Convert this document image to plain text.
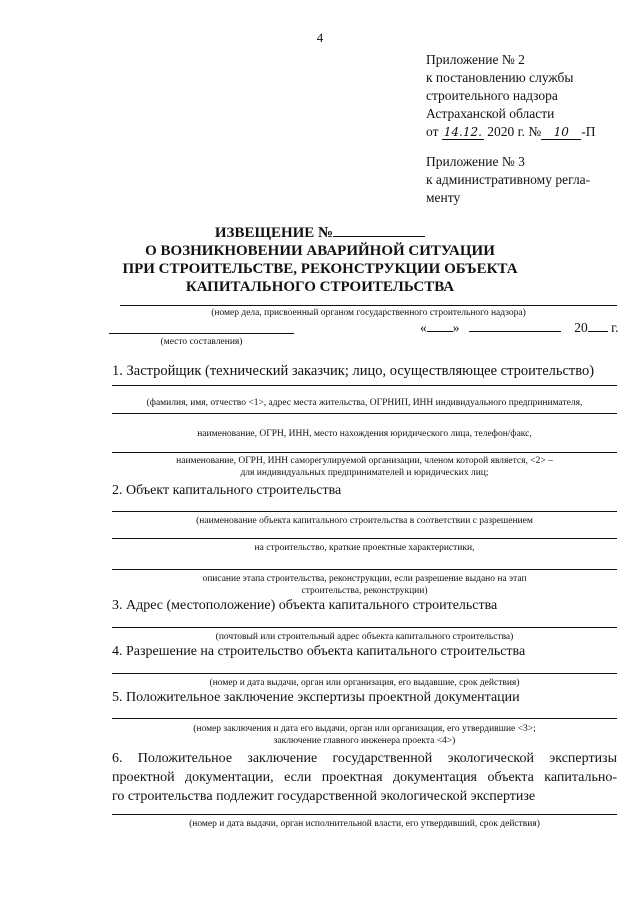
4
Приложение № 2
к постановлению службы
строительного надзора
Астраханской области
от 14.12. 2020 г. № 10 -П
Приложение № 3
к административному регла-
менту
ИЗВЕЩЕНИЕ №
О ВОЗНИКНОВЕНИИ АВАРИЙНОЙ СИТУАЦИИ
ПРИ СТРОИТЕЛЬСТВЕ, РЕКОНСТРУКЦИИ ОБЪЕКТА
КАПИТАЛЬНОГО СТРОИТЕЛЬСТВА
(номер дела, присвоенный органом государственного строительного надзора)
(место составления)
« »	20 г.
1. Застройщик (технический заказчик; лицо, осуществляющее строительство)
(фамилия, имя, отчество <1>, адрес места жительства, ОГРНИП, ИНН индивидуального предпринимателя,
наименование, ОГРН, ИНН, место нахождения юридического лица, телефон/факс,
наименование, ОГРН, ИНН саморегулируемой организации, членом которой является, <2> –
для индивидуальных предпринимателей и юридических лиц;
2. Объект капитального строительства
(наименование объекта капитального строительства в соответствии с разрешением
на строительство, краткие проектные характеристики,
описание этапа строительства, реконструкции, если разрешение выдано на этап
строительства, реконструкции)
3. Адрес (местоположение) объекта капитального строительства
(почтовый или строительный адрес объекта капитального строительства)
4. Разрешение на строительство объекта капитального строительства
(номер и дата выдачи, орган или организация, его выдавшие, срок действия)
5. Положительное заключение экспертизы проектной документации
(номер заключения и дата его выдачи, орган или организация, его утвердившие <3>;
заключение главного инженера проекта <4>)
6. Положительное заключение государственной экологической экспертизы
проектной документации, если проектная документация объекта капитально-
го строительства подлежит государственной экологической экспертизе
(номер и дата выдачи, орган исполнительной власти, его утвердивший, срок действия)
